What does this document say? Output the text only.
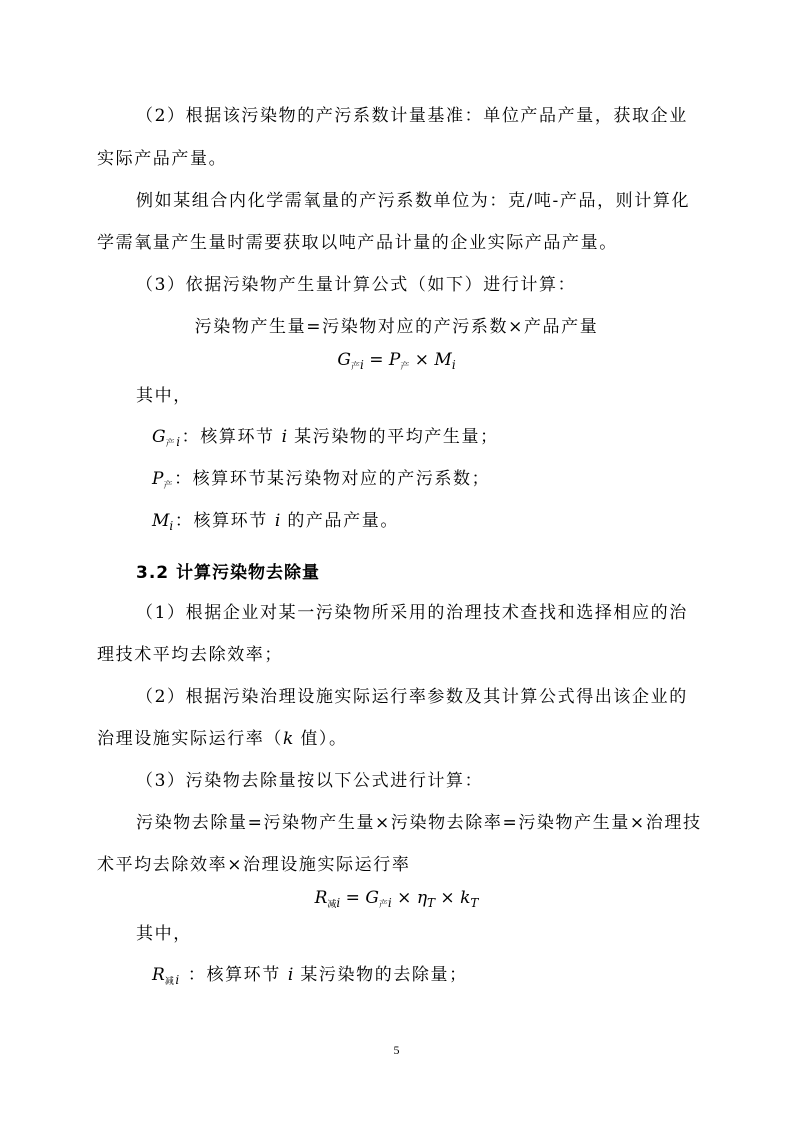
（2）根据该污染物的产污系数计量基准：单位产品产量，获取企业
实际产品产量。
例如某组合内化学需氧量的产污系数单位为：克/吨-产品，则计算化
学需氧量产生量时需要获取以吨产品计量的企业实际产品产量。
（3）依据污染物产生量计算公式（如下）进行计算：
污染物产生量=污染物对应的产污系数×产品产量
$G_{产i} = P_产 \times M_i$
其中，
$G_{产i}$：核算环节 i 某污染物的平均产生量；
$P_产$：核算环节某污染物对应的产污系数；
$M_i$：核算环节 i 的产品产量。
3.2 计算污染物去除量
（1）根据企业对某一污染物所采用的治理技术查找和选择相应的治
理技术平均去除效率；
（2）根据污染治理设施实际运行率参数及其计算公式得出该企业的
治理设施实际运行率（k 值）。
（3）污染物去除量按以下公式进行计算：
污染物去除量=污染物产生量×污染物去除率=污染物产生量×治理技
术平均去除效率×治理设施实际运行率
$R_{减i} = G_{产i} \times \eta_T \times k_T$
其中，
$R_{减i}$ ：核算环节 i 某污染物的去除量；
5
